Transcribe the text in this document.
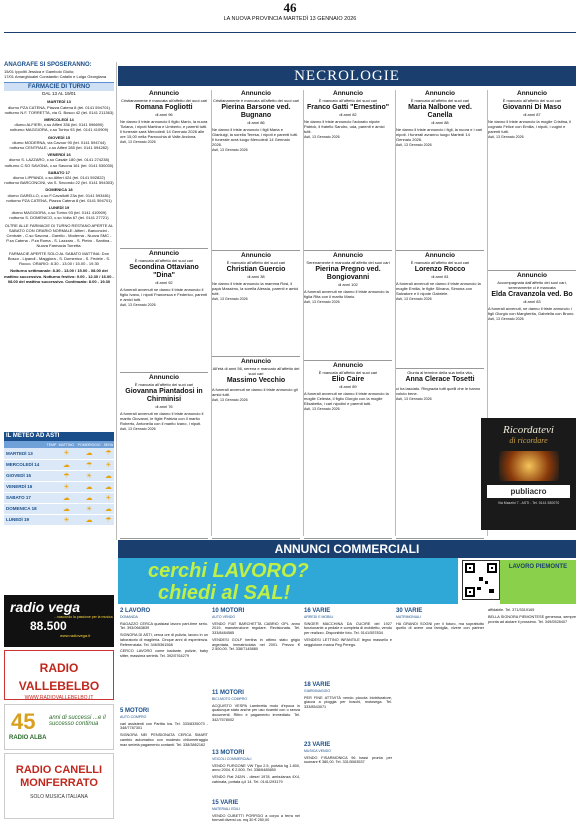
46
LA NUOVA PROVINCIA MARTEDÌ 13 GENNAIO 2026
ANAGRAFE SI SPOSERANNO:
15/01 Ippoliti Jessica e Gambolo Giulio;
17/01 Amarghioalei Constantin Catalin e Luigo Georgiana
FARMACIE DI TURNO
DAL 13 AL 19/01
MARTEDÌ 13
diurno PZA CATENA, Piazza Catena 8 (tel. 0141 594701)
notturno N.F. TORRETTA, via G. Bosco 42 (tel. 0141 211363)
MERCOLEDÌ 14
diurno ALFIERI, c.so Alfieri 336 (tel. 0141 596690)
notturno MAGGIORA, c.so Torino 93 (tel. 0141 410909)
GIOVEDÌ 15
diurno MODERNA, via Cavour 90 (tel. 0141 594744)
notturno CENTRALE, c.so Alfieri 285 (tel. 0141 594282)
VENERDÌ 16
diurno S. LAZZARO, c.so Casale 180 (tel. 0141 274238)
notturno C.SO SAVONA, c.so Savona 161 (tel. 0141 530030)
SABATO 17
diurno LIPPANDI, c.so Alfieri 424 (tel. 0141 592822)
notturno BARCONCINI, via S. Secondo 22 (tel. 0141 594303)
DOMENICA 18
diurno GARELLO, c.so F.Cavallotti 23a (tel. 0141 593481)
notturno PZA CATENA, Piazza Catena 8 (tel. 0141 594701)
LUNEDÌ 19
diurno MAGGIORA, c.so Torino 93 (tel. 0141 410909)
notturno S. DOMENICO, c.so Volta 67 (tel. 0141 27721)
OLTRE ALLE FARMACIE DI TURNO RESTANO APERTE AL SABATO CON ORARIO NORMALE: Alfieri - Barconcini - Centrale - C.so Savona - Garello - Moderna - Nuova SMC - P.za Catena - P.za Roma - S. Lazzaro - S. Pietro - Santina - Nuova Farmacia Torretta.
FARMACIE APERTE SOLO AL SABATO MATTINA: Don Bosco - Lipandi - Maggiora - S. Domenico - S. Fedele - S. Rocco. ORARIO: 8.30 - 13.00 / 15.00 - 19.30
Notturno settimanale: 8.30 - 13.00 / 15.00 - 08.00 del mattino successivo. Notturno festivo: 9.00 - 12.30 / 16.00 - 08.00 del mattino successivo. Continuato: 8.00 - 19.30
IL METEO AD ASTI
	TEMP	MATTINO	POMERIGGIO	SERA
MARTEDÌ 13		☀	☁	☂
MERCOLEDÌ 14		☁	☂	☀
GIOVEDÌ 15		☂	☀	☁
VENERDÌ 16		☀	☁	☁
SABATO 17		☁	☁	☀
DOMENICA 18		☁	☀	☁
LUNEDÌ 19		☀	☁	☂
NECROLOGIE
Annuncio
Cristianamente è mancata all'affetto dei suoi cari
Romana Fogliotti
di anni 96
Ne danno il triste annuncio il figlio Mario, la nuora Tiziana, i nipoti Martina e Umberto, e parenti tutti. Il funerale sarà Mercoledì 14 Gennaio 2026 alle ore 15,00 nella Parrocchia di Valle Andona.
Asti, 13 Gennaio 2026
Annuncio
È mancata all'affetto dei suoi cari
Secondina Ottaviano "Dina"
di anni 92
A funerali avvenuti ne danno il triste annuncio il figlio Ivano, i nipoti Francesca e Federico, parenti e amici tutti.
Asti, 13 Gennaio 2026
Annuncio
È mancata all'affetto dei suoi cari
Giovanna Piantadosi in Chirminisi
di anni 76
A funerali avvenuti ne danno il triste annuncio il marito Giovanni, le figlie Patrizia con il marito Roberto, Antonella con il marito Ivano, i nipoti.
Asti, 13 Gennaio 2026
Annuncio
Cristianamente è mancata all'affetto dei suoi cari
Pierina Barsone ved. Bugnano
di anni 86
Ne danno il triste annuncio i figli Maria e Gianluigi, la sorella Teresa, i nipoti e parenti tutti. Il funerale avrà luogo Mercoledì 14 Gennaio 2026.
Asti, 13 Gennaio 2026
Annuncio
È mancato all'affetto dei suoi cari
Christian Guercio
di anni 38
Ne danno il triste annuncio la mamma Rosi, il papà Massimo, la sorella Alessia, parenti e amici tutti.
Asti, 13 Gennaio 2026
Annuncio
All'età di anni 56, serena e mancato all'affetto dei suoi cari
Massimo Vecchio
A funerali avvenuti ne danno il triste annuncio gli amici tutti.
Asti, 13 Gennaio 2026
Annuncio
È mancato all'affetto dei suoi cari
Franco Gatti "Ernestino"
di anni 82
Ne danno il triste annuncio l'adorato nipote Patrick, il fratello Sandro, uda, parenti e amici tutti.
Asti, 13 Gennaio 2026
Annuncio
Serenamente è mancata all'affetto dei suoi cari
Pierina Pregno ved. Bongiovanni
di anni 102
A funerali avvenuti ne danno il triste annuncio la figlia Rita con il marito Mario.
Asti, 13 Gennaio 2026
Annuncio
È mancata all'affetto dei suoi cari
Elio Caire
di anni 89
A funerali avvenuti ne danno il triste annuncio la moglie Celesta, il figlio Giorgio con la moglie Elisabetta, i cari nipotini e parenti tutti.
Asti, 13 Gennaio 2026
Annuncio
È mancata all'affetto dei suoi cari
Maria Nalbone ved. Canella
di anni 88
Ne danno il triste annuncio i figli, la nuora e i cari nipoti. I funerali avranno luogo Martedì 14 Gennaio 2026.
Asti, 13 Gennaio 2026
Annuncio
È mancato all'affetto dei suoi cari
Lorenzo Rocco
di anni 81
A funerali avvenuti ne danno il triste annuncio la moglie Emilia, le figlie Silvana, Simona con Salvatore e il nipote Gabriele.
Asti, 13 Gennaio 2026
Giunta al termine della sua bella vita,
Anna Clerace Tosetti
ci ha lasciato. Ringrazia tutti quelli che le hanno voluto bene.
Asti, 13 Gennaio 2026
Annuncio
È mancato all'affetto dei suoi cari
Giovanni Di Maso
di anni 87
Ne danno il triste annuncio la moglie Cristina, il cognato Felice con Emilia, i nipoti, i cugini e parenti tutti.
Asti, 13 Gennaio 2026
Annuncio
Accompagnata dall'affetto dei suoi cari, serenamente ci è mancata
Elda Cravanzola ved. Bo
di anni 83
A funerali avvenuti, ne danno il triste annuncio i figli Giorgio con Margherita, Gabriella con Bruno.
Asti, 13 Gennaio 2026
Ricordatevi
di ricordare
publiacro
Via Mazzini 7 - ASTI - Tel. 0141 530070
ANNUNCI COMMERCIALI
cerchi LAVORO?
chiedi al SAL!
LAVORO PIEMONTE
radio vega
...nascondo la passione per la musica
88.500
www.radiovega.it
RADIO VALLEBELBO
WWW.RADIOVALLEBELBO.IT
45
RADIO ALBA
anni di successi ...e il successo continua
RADIO CANELLI MONFERRATO
SOLO MUSICA ITALIANA
2 LAVORO
DOMANDA

RAGAZZO CERCA qualsiasi lavoro part-time serio. Tel. 393/0663839

SIGNORA DI ASTI, cerca ore di pulizia, lavoro in un laboratorio di maglieria. Cinque anni di esperienza. Referenziata. Tel. 346/5361568

CERCO LAVORO come badante, pulizie, baby sitter, massima serietà. Tel. 392/0764279

5 MOTORI
AUTO COMPRO

cari assistenti con Partita Iva. Tel. 333/8335073 - 348/7787301

SIGNORA NEI PENSIONATA CERCA SMART cambio automatico con modesto chilometraggio max serietà pagamento contanti. Tel. 338/3862162

10 MOTORI
AUTO VENDO

VENDO FIAT BARCHETTA CABRIO GPL anno 2019, manutenzione regolare. Revisionata. Tel. 333/8484565

VENDESI GOLF berlina in ottimo stato grigio argentata, immatricolata nel 2001. Prezzo € 2.500,00. Tel. 338/7145880

11 MOTORI
BICI-MOTO COMPRO

ACQUISTO VESPA Lambretta moto d'epoca in qualunque stato anche per uso ricambi con o senza documenti. Ritiro e pagamento immediato. Tel. 342/7578002

13 MOTORI
VEICOLI COMMERCIALI

VENDO FURGONE VW Tipo 2.5, portata kg 1.800, anno 2004. € 2.500. Tel. 338/6485650

VENDO Fiat 242/N - diesel 1978, ambulanza 4X4, cabinata, portata q.li 14. Tel. 0141/293179

15 VARIE
MATERIALI EDILI

VENDO CUBETTI PORFIDO a corpo a terra nei formati diversi ca. mq 30 € 250,00

16 VARIE
ARREDI E MOBILI

SINGER MACCHINA DA CUCIRE del 1927 funzionante a pedale e completa di mobiletto, vendo per realizzo. Disponibile foto. Tel. 0141/557834

VENDESI LETTINO INFANTILE legno massello e seggiolone marca Peg Perego.

18 VARIE
GIARDINAGGIO

PER FINE ATTIVITÀ vendo piccola biotrituratore, giacca a pioggia per boschi, motosega. Tel. 333/8543071

23 VARIE
MUSICA VENDO

VENDO FISARMONICA 96 bassi pronta per suonare € 380,00. Tel. 331/5063537

30 VARIE
MATRIMONIALI

HA GRANDI SOGNI per il futuro, ma soprattutto quello di avere una famiglia, vivere con partner affidabile. Tel. 371/3319165

BELLA SIGNORA PIEMONTESE generosa, sempre pronta ad aiutare il prossimo. Tel. 349/0528407
